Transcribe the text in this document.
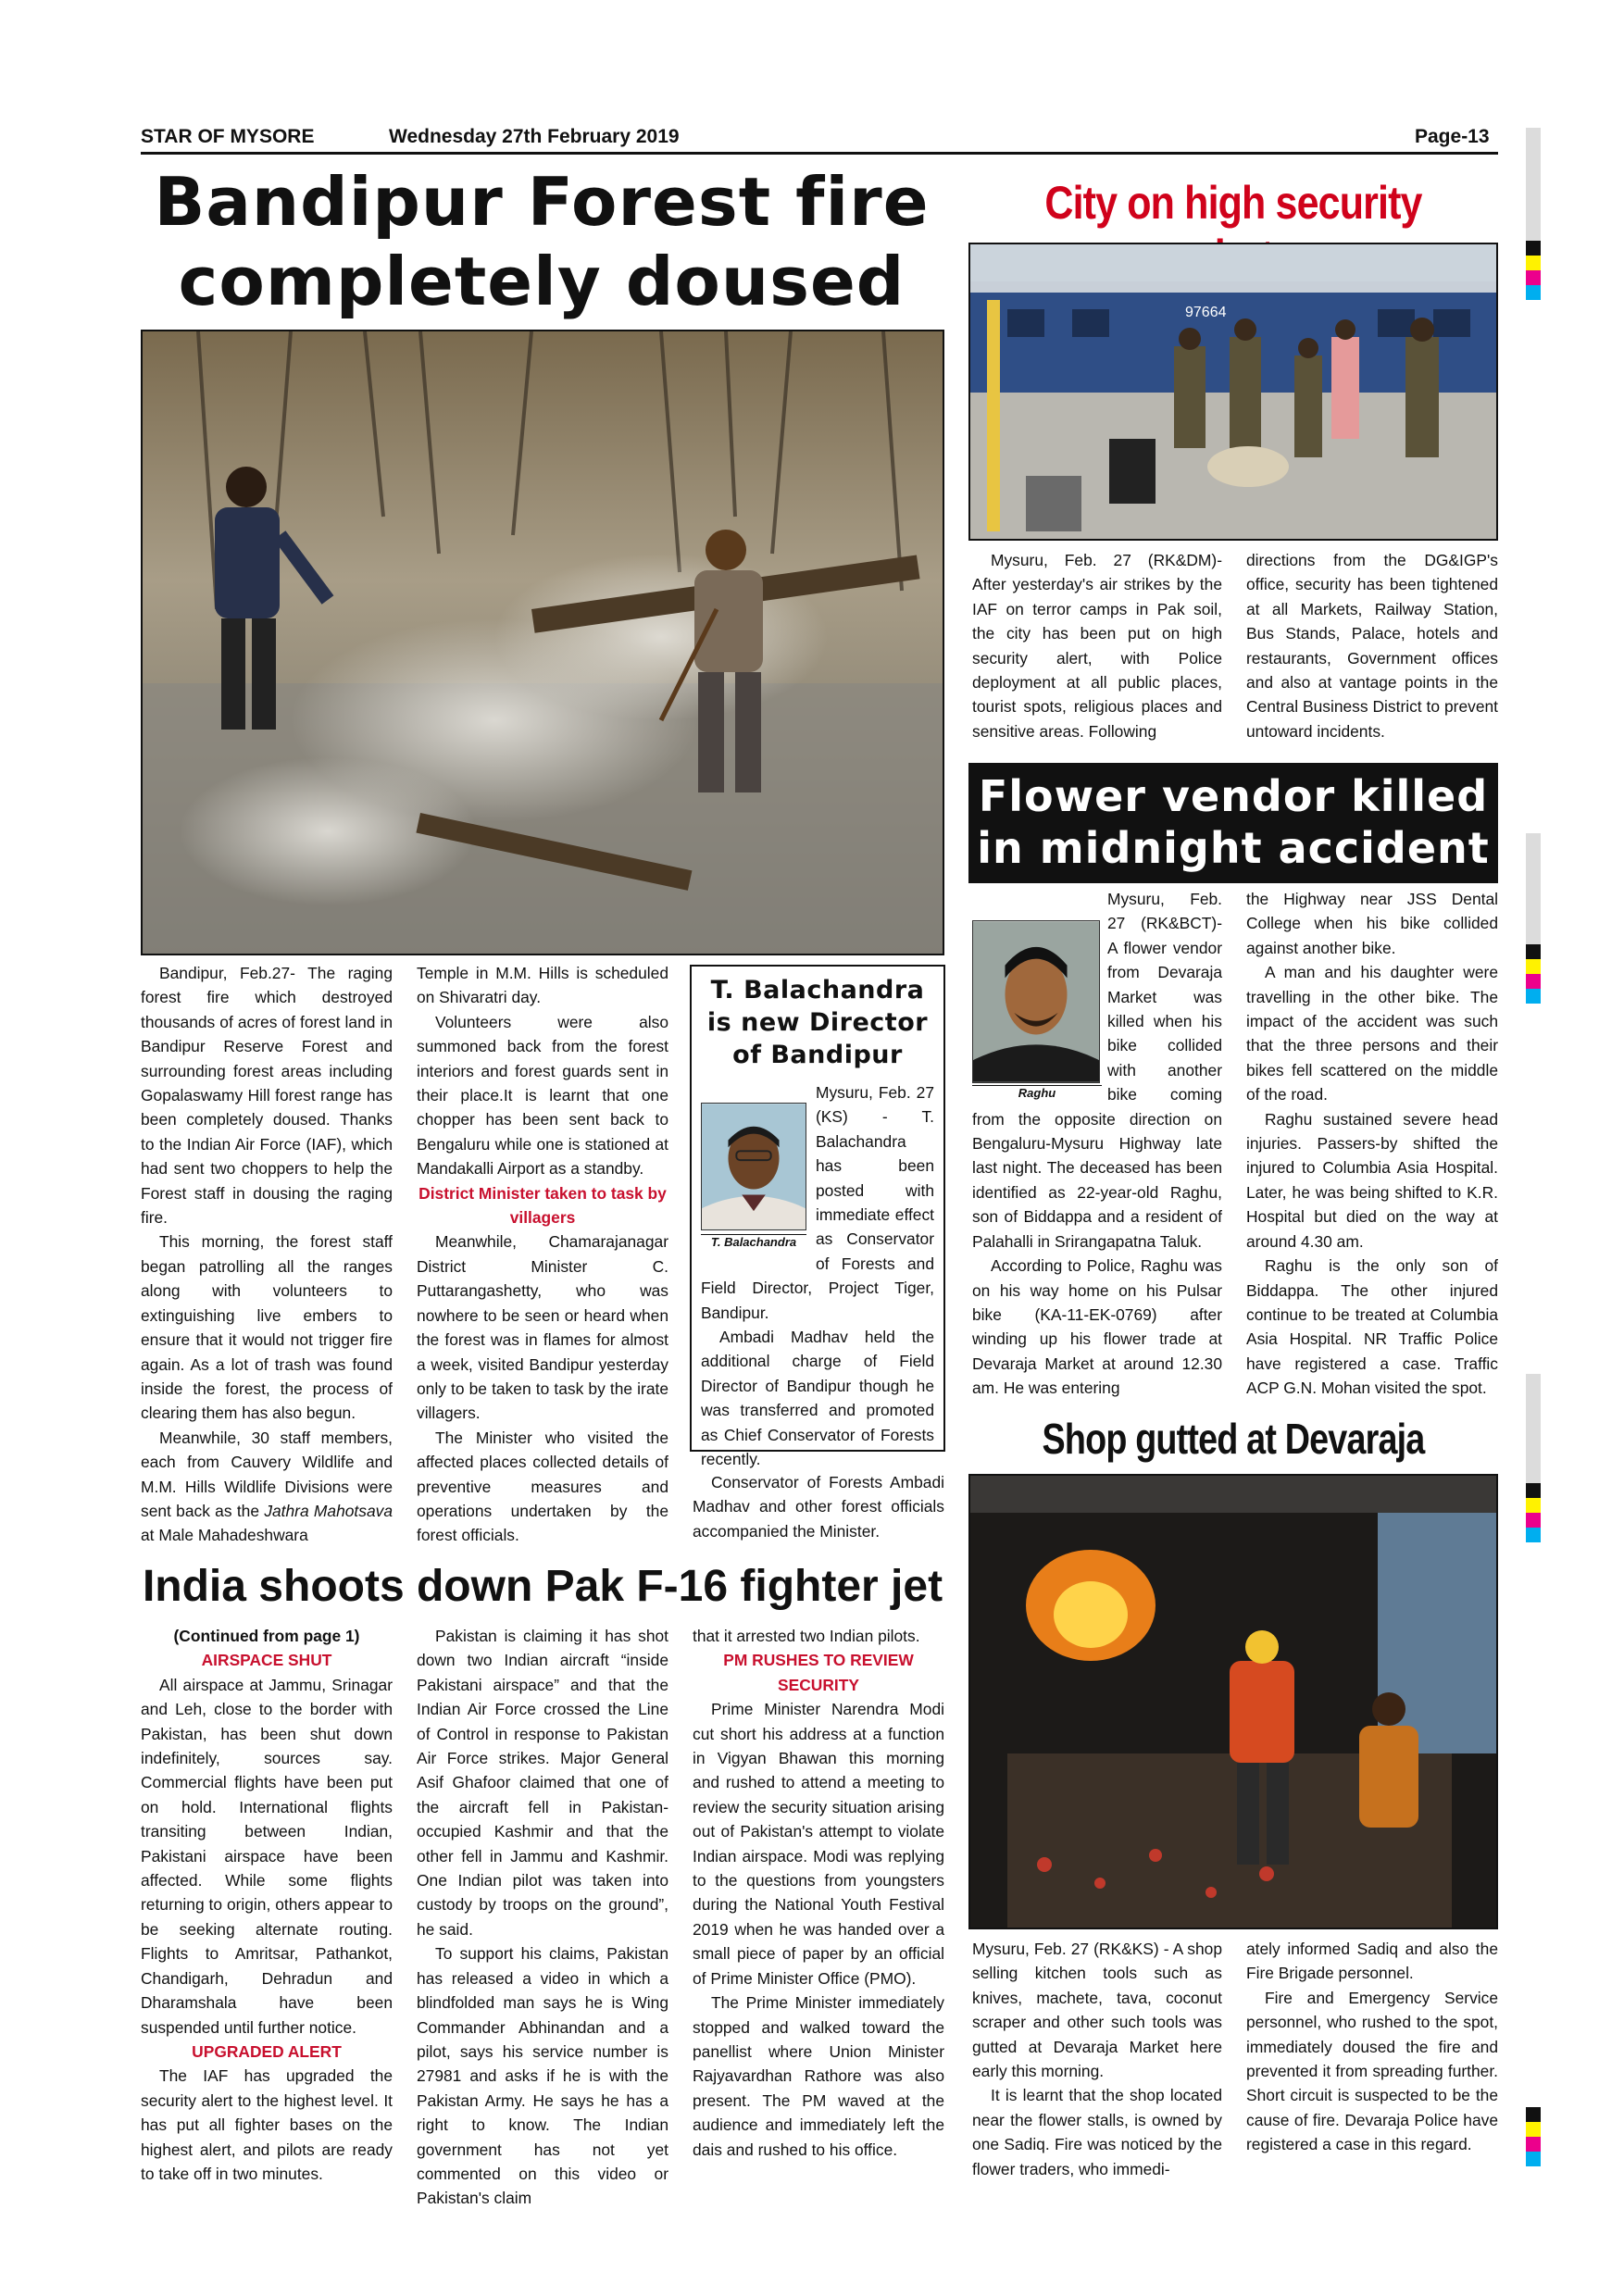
STAR OF MYSORE	Wednesday 27th February 2019	Page-13
Bandipur Forest fire
completely doused

Bandipur, Feb.27- The raging forest fire which destroyed thousands of acres of forest land in Bandipur Reserve Forest and surrounding forest areas including Gopalaswamy Hill forest range has been completely doused. Thanks to the Indian Air Force (IAF), which had sent two choppers to help the Forest staff in dousing the raging fire.

This morning, the forest staff began patrolling all the ranges along with volunteers to extinguishing live embers to ensure that it would not trigger fire again. As a lot of trash was found inside the forest, the process of clearing them has also begun.

Meanwhile, 30 staff members, each from Cauvery Wildlife and M.M. Hills Wildlife Divisions were sent back as the Jathra Mahotsava at Male Mahadeshwara

Temple in M.M. Hills is scheduled on Shivaratri day.

Volunteers were also summoned back from the forest interiors and forest guards sent in their place.It is learnt that one chopper has been sent back to Bengaluru while one is stationed at Mandakalli Airport as a standby.

District Minister taken to task by villagers

Meanwhile, Chamarajanagar District Minister C. Puttarangashetty, who was nowhere to be seen or heard when the forest was in flames for almost a week, visited Bandipur yesterday only to be taken to task by the irate villagers.

The Minister who visited the affected places collected details of preventive measures and operations undertaken by the forest officials.

T. Balachandra is new Director of Bandipur
T. Balachandra

Mysuru, Feb. 27 (KS) - T. Balachandra has been posted with immediate effect as Conservator of Forests and Field Director, Project Tiger, Bandipur.

Ambadi Madhav held the additional charge of Field Director of Bandipur though he was transferred and promoted as Chief Conservator of Forests recently.

Conservator of Forests Ambadi Madhav and other forest officials accompanied the Minister.

City on high security
97664

Mysuru, Feb. 27 (RK&DM)- After yesterday's air strikes by the IAF on terror camps in Pak soil, the city has been put on high security alert, with Police deployment at all public places, tourist spots, religious places and sensitive areas. Following

directions from the DG&IGP's office, security has been tightened at all Markets, Railway Station, Bus Stands, Palace, hotels and restaurants, Government offices and also at vantage points in the Central Business District to prevent untoward incidents.

Flower vendor killed
in midnight accident
Raghu

Mysuru, Feb. 27 (RK&BCT)- A flower vendor from Devaraja Market was killed when his bike collided with another bike coming from the opposite direction on Bengaluru-Mysuru Highway late last night. The deceased has been identified as 22-year-old Raghu, son of Biddappa and a resident of Palahalli in Srirangapatna Taluk.

According to Police, Raghu was on his way home on his Pulsar bike (KA-11-EK-0769) after winding up his flower trade at Devaraja Market at around 12.30 am. He was entering

the Highway near JSS Dental College when his bike collided against another bike.

A man and his daughter were travelling in the other bike. The impact of the accident was such that the three persons and their bikes fell scattered on the middle of the road.

Raghu sustained severe head injuries. Passers-by shifted the injured to Columbia Asia Hospital. Later, he was being shifted to K.R. Hospital but died on the way at around 4.30 am.

Raghu is the only son of Biddappa. The other injured continue to be treated at Columbia Asia Hospital. NR Traffic Police have registered a case. Traffic ACP G.N. Mohan visited the spot.

Shop gutted at Devaraja

Mysuru, Feb. 27 (RK&KS) - A shop selling kitchen tools such as knives, machete, tava, coconut scraper and other such tools was gutted at Devaraja Market here early this morning.

It is learnt that the shop located near the flower stalls, is owned by one Sadiq. Fire was noticed by the flower traders, who immedi-

ately informed Sadiq and also the Fire Brigade personnel.

Fire and Emergency Service personnel, who rushed to the spot, immediately doused the fire and prevented it from spreading further. Short circuit is suspected to be the cause of fire. Devaraja Police have registered a case in this regard.

India shoots down Pak F-16 fighter jet

(Continued from page 1)

AIRSPACE SHUT

All airspace at Jammu, Srinagar and Leh, close to the border with Pakistan, has been shut down indefinitely, sources say. Commercial flights have been put on hold. International flights transiting between Indian, Pakistani airspace have been affected. While some flights returning to origin, others appear to be seeking alternate routing. Flights to Amritsar, Pathankot, Chandigarh, Dehradun and Dharamshala have been suspended until further notice.

UPGRADED ALERT

The IAF has upgraded the security alert to the highest level. It has put all fighter bases on the highest alert, and pilots are ready to take off in two minutes.

Pakistan is claiming it has shot down two Indian aircraft “inside Pakistani airspace” and that the Indian Air Force crossed the Line of Control in response to Pakistan Air Force strikes. Major General Asif Ghafoor claimed that one of the aircraft fell in Pakistan-occupied Kashmir and that the other fell in Jammu and Kashmir. One Indian pilot was taken into custody by troops on the ground”, he said.

To support his claims, Pakistan has released a video in which a blindfolded man says he is Wing Commander Abhinandan and a pilot, says his service number is 27981 and asks if he is with the Pakistan Army. He says he has a right to know. The Indian government has not yet commented on this video or Pakistan's claim

that it arrested two Indian pilots.

PM RUSHES TO REVIEW SECURITY

Prime Minister Narendra Modi cut short his address at a function in Vigyan Bhawan this morning and rushed to attend a meeting to review the security situation arising out of Pakistan's attempt to violate Indian airspace. Modi was replying to the questions from youngsters during the National Youth Festival 2019 when he was handed over a small piece of paper by an official of Prime Minister Office (PMO).

The Prime Minister immediately stopped and walked toward the panellist where Union Minister Rajyavardhan Rathore was also present. The PM waved at the audience and immediately left the dais and rushed to his office.
